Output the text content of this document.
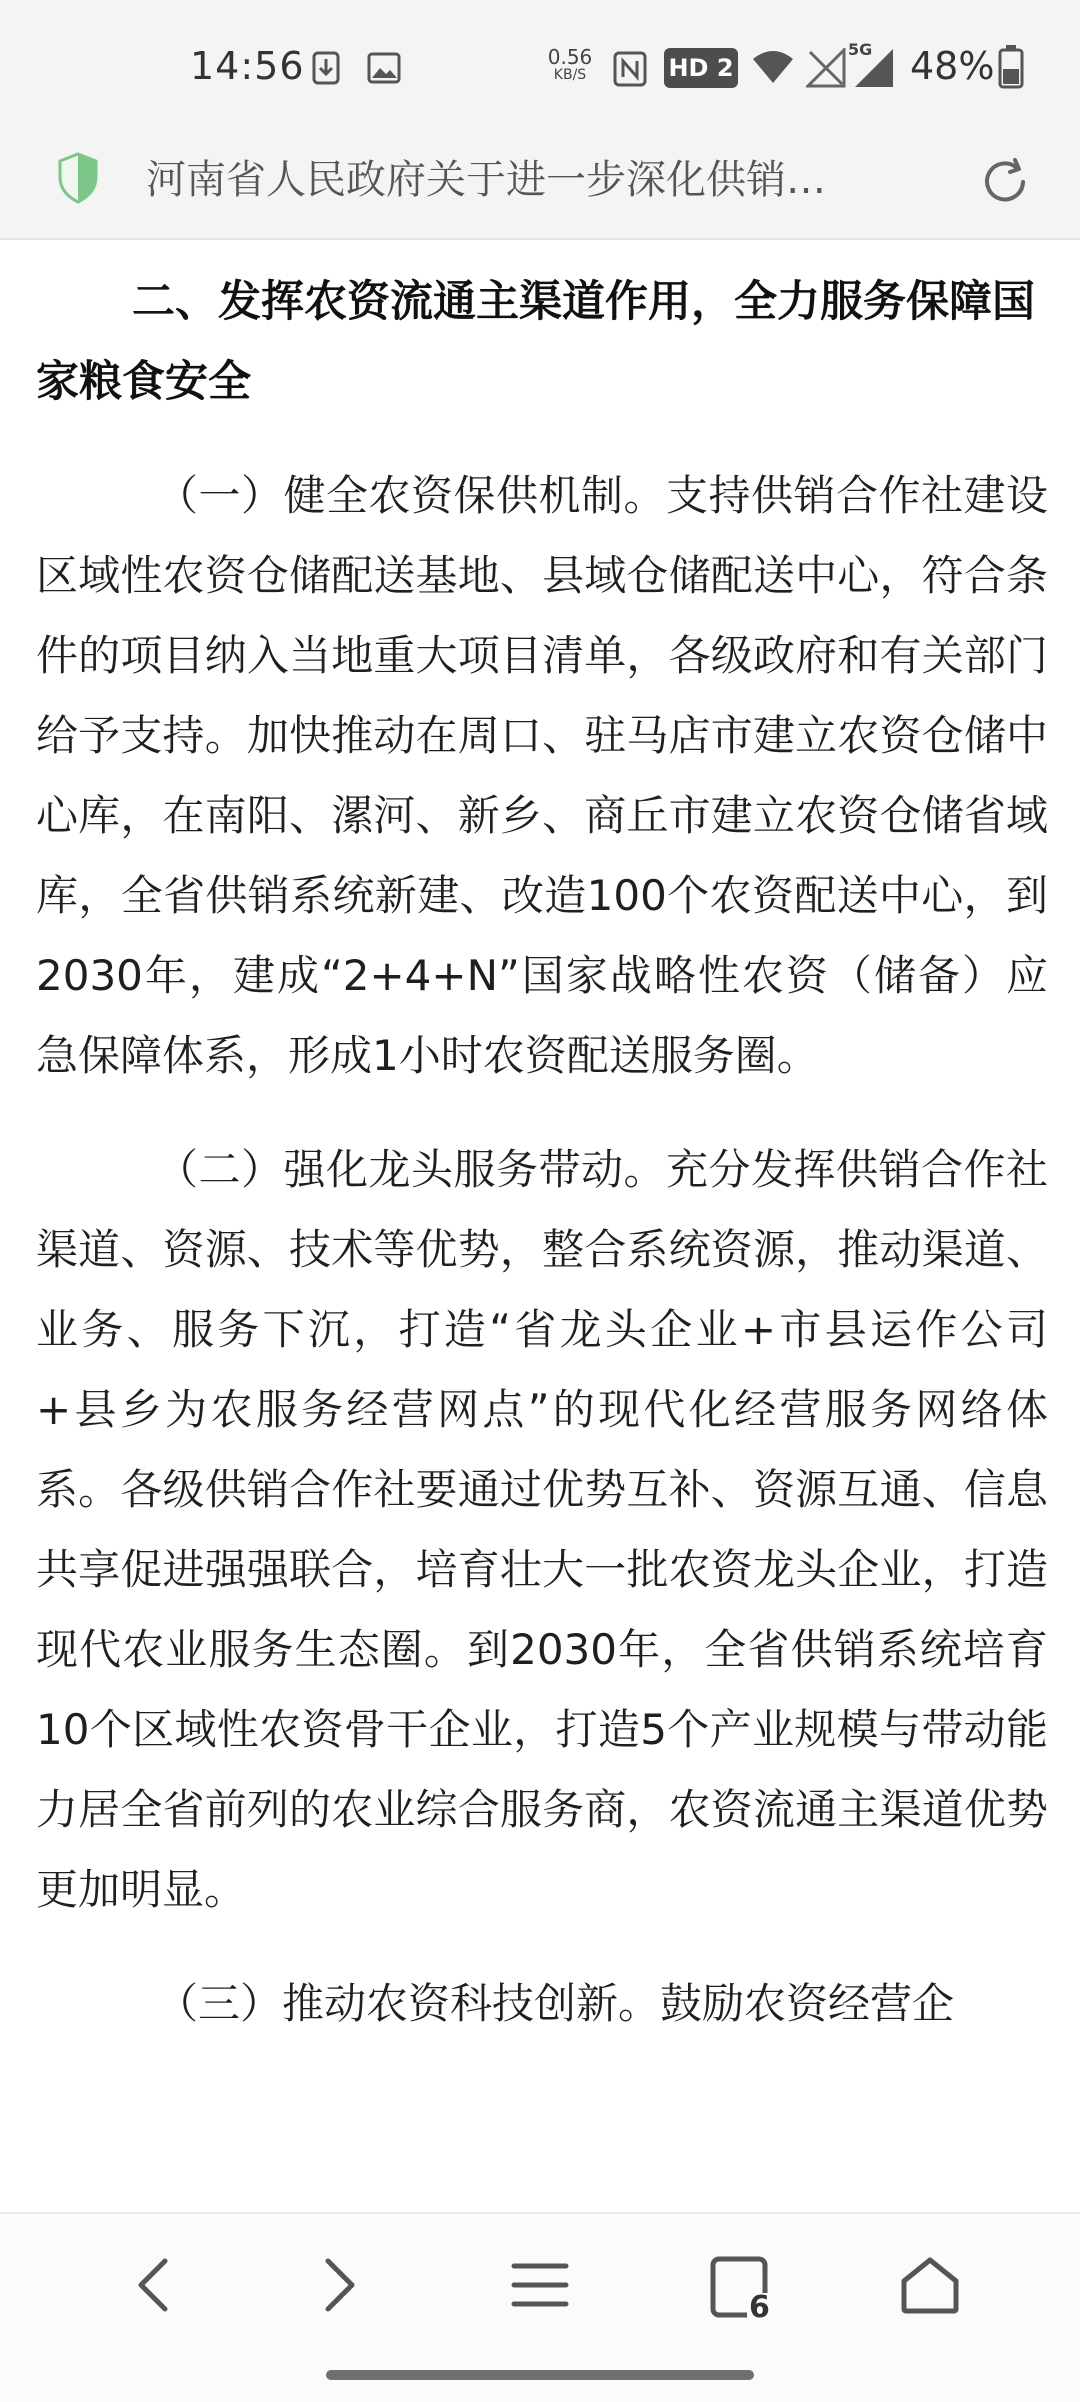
14:56	0.56
KB/S	HD 2
5G 48%
河南省人民政府关于进一步深化供销…
二、发挥农资流通主渠道作用，全力服务保障国家粮食安全

（一）健全农资保供机制。支持供销合作社建设区域性农资仓储配送基地、县域仓储配送中心，符合条件的项目纳入当地重大项目清单，各级政府和有关部门给予支持。加快推动在周口、驻马店市建立农资仓储中心库，在南阳、漯河、新乡、商丘市建立农资仓储省域库，全省供销系统新建、改造100个农资配送中心，到2030年，建成“2+4+N”国家战略性农资（储备）应急保障体系，形成1小时农资配送服务圈。

（二）强化龙头服务带动。充分发挥供销合作社渠道、资源、技术等优势，整合系统资源，推动渠道、业务、服务下沉，打造“省龙头企业+市县运作公司+县乡为农服务经营网点”的现代化经营服务网络体系。各级供销合作社要通过优势互补、资源互通、信息共享促进强强联合，培育壮大一批农资龙头企业，打造现代农业服务生态圈。到2030年，全省供销系统培育10个区域性农资骨干企业，打造5个产业规模与带动能力居全省前列的农业综合服务商，农资流通主渠道优势更加明显。

（三）推动农资科技创新。鼓励农资经营企

6
